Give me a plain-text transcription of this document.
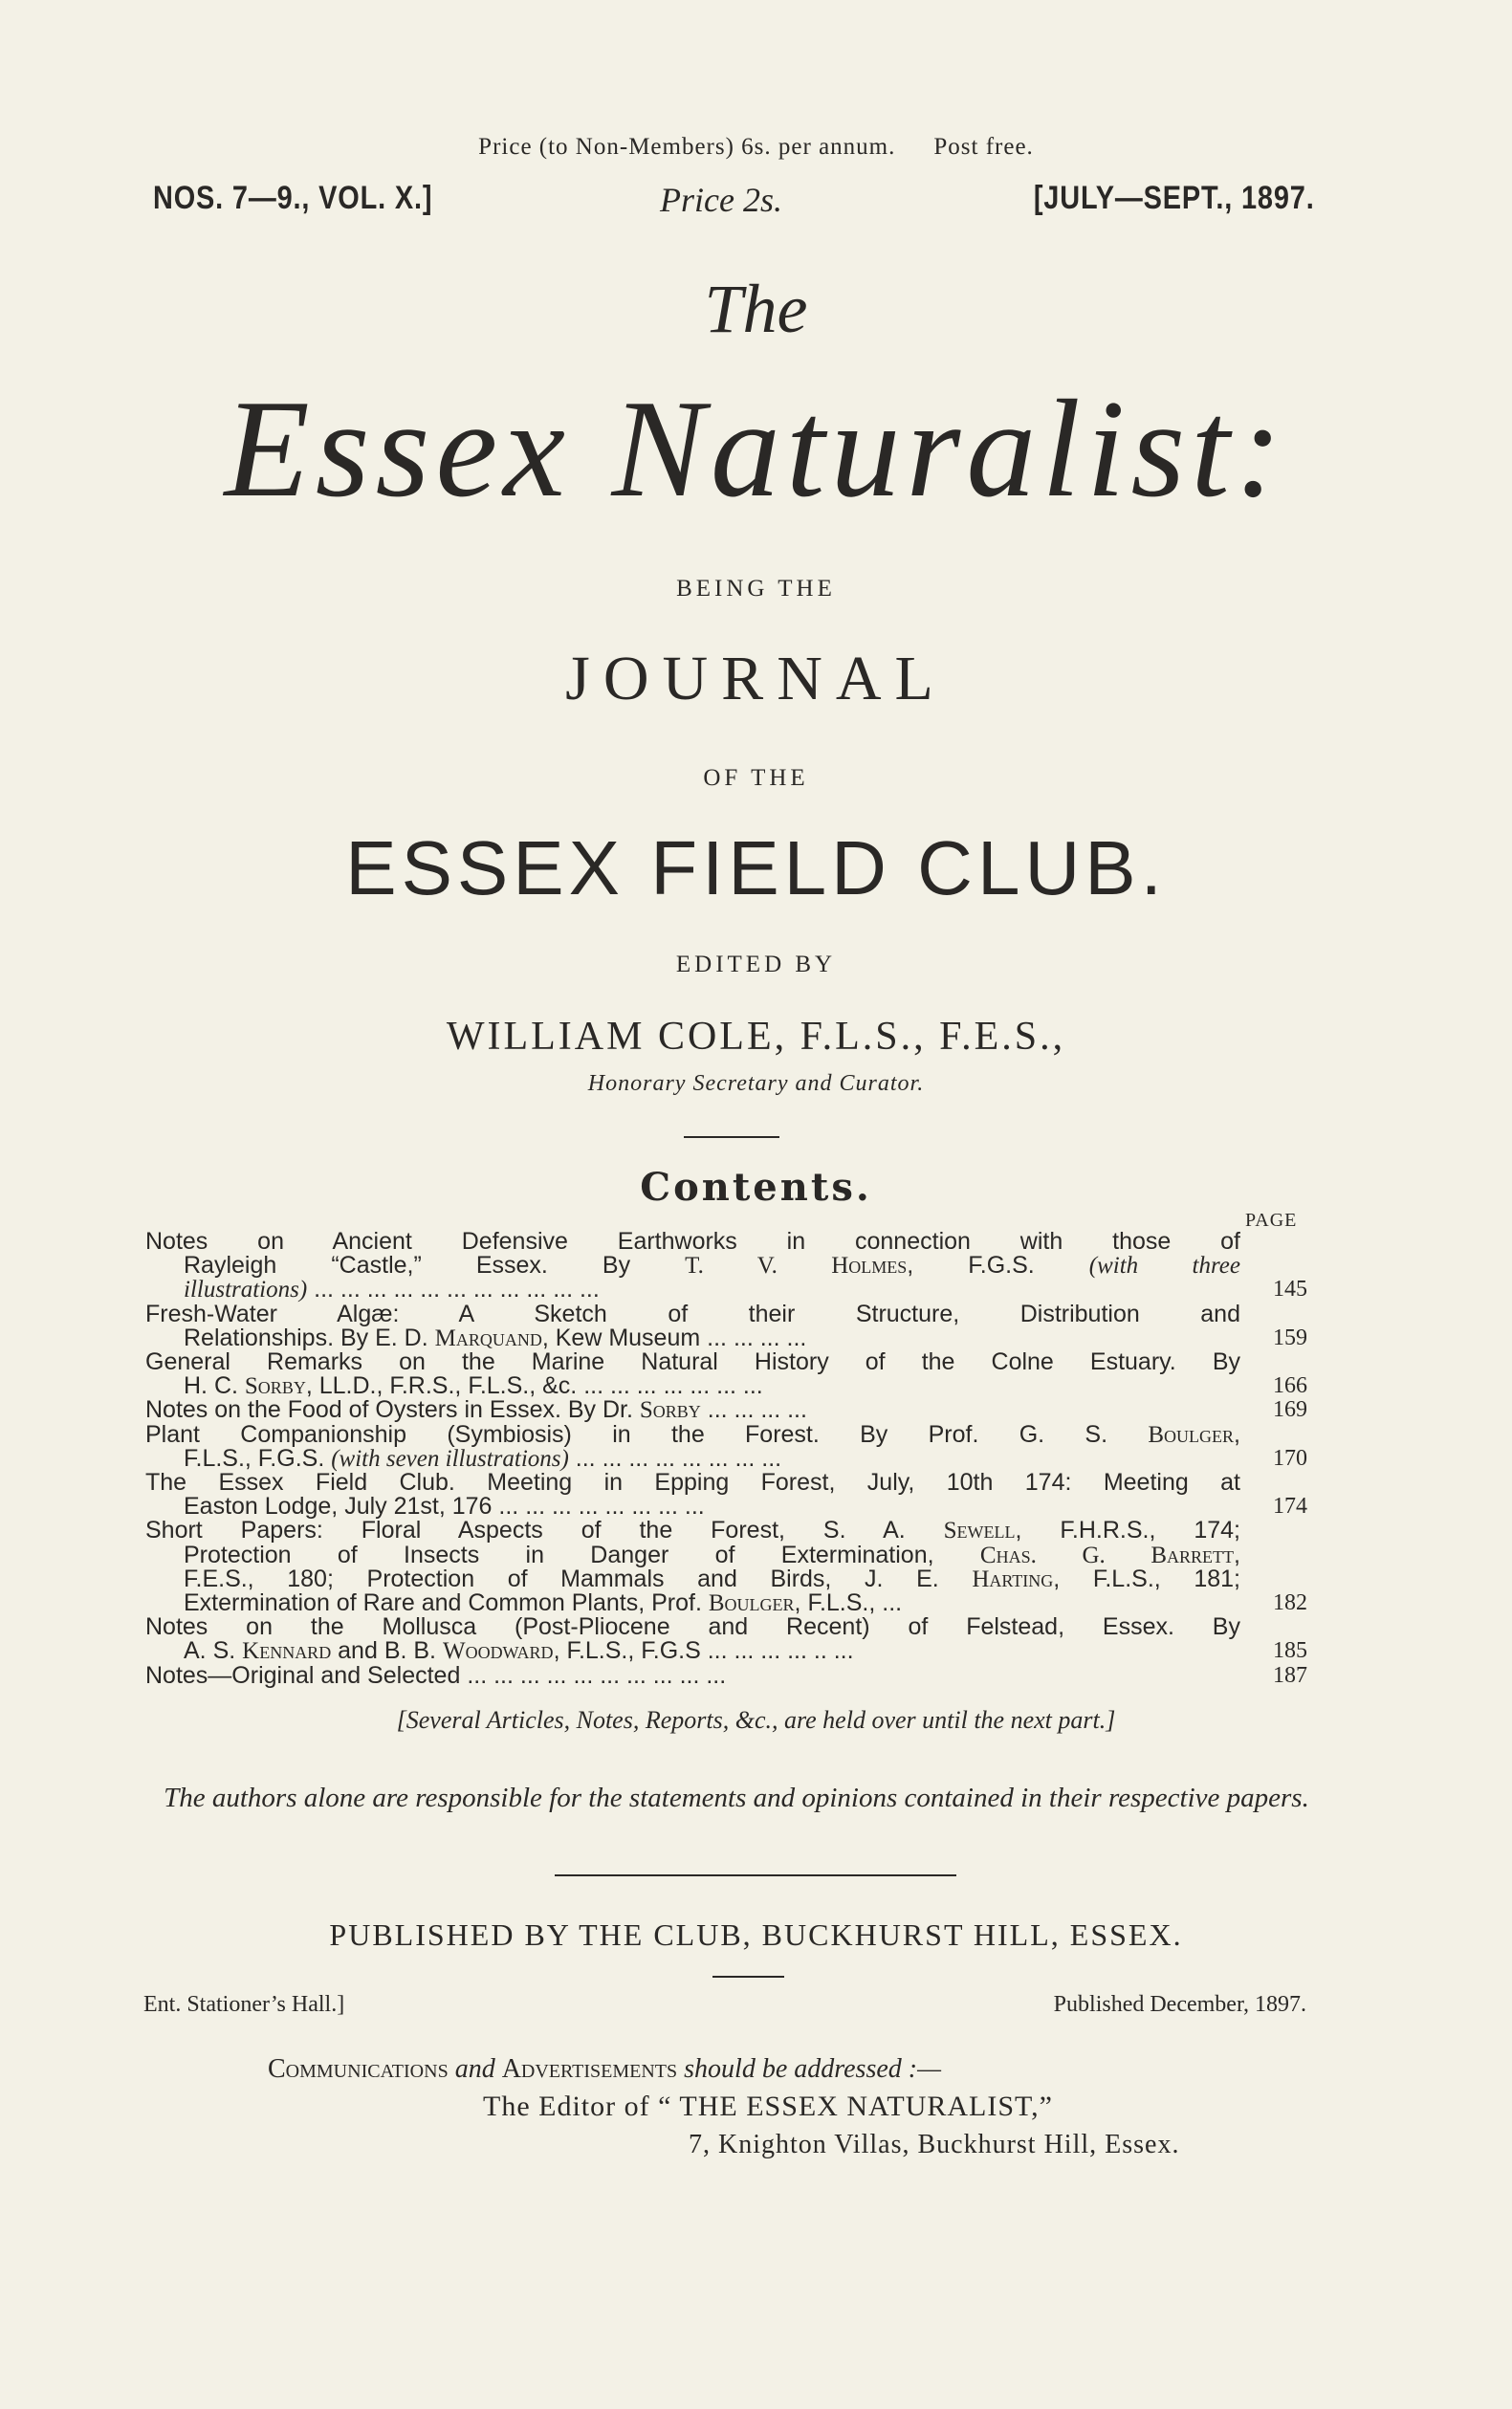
Price (to Non-Members) 6s. per annum. Post free.
NOS. 7—9., VOL. X.]	Price 2s.	[JULY—SEPT., 1897.
The
Essex Naturalist:
BEING THE
JOURNAL
OF THE
ESSEX FIELD CLUB.
EDITED BY
WILLIAM COLE, F.L.S., F.E.S.,
Honorary Secretary and Curator.
Contents.
PAGE
Notes on Ancient Defensive Earthworks in connection with those of
Rayleigh “Castle,” Essex. By T. V. Holmes, F.G.S. (with three
illustrations) ... ... ... ... ... ... ... ... ... ... ...	145
Fresh-Water Algæ: A Sketch of their Structure, Distribution and
Relationships. By E. D. Marquand, Kew Museum ... ... ... ...	159
General Remarks on the Marine Natural History of the Colne Estuary. By
H. C. Sorby, LL.D., F.R.S., F.L.S., &c. ... ... ... ... ... ... ...	166
Notes on the Food of Oysters in Essex. By Dr. Sorby ... ... ... ...	169
Plant Companionship (Symbiosis) in the Forest. By Prof. G. S. Boulger,
F.L.S., F.G.S. (with seven illustrations) ... ... ... ... ... ... ... ...	170
The Essex Field Club. Meeting in Epping Forest, July, 10th 174: Meeting at
Easton Lodge, July 21st, 176 ... ... ... ... ... ... ... ...	174
Short Papers: Floral Aspects of the Forest, S. A. Sewell, F.H.R.S., 174;
Protection of Insects in Danger of Extermination, Chas. G. Barrett,
F.E.S., 180; Protection of Mammals and Birds, J. E. Harting, F.L.S., 181;
Extermination of Rare and Common Plants, Prof. Boulger, F.L.S., ...	182
Notes on the Mollusca (Post-Pliocene and Recent) of Felstead, Essex. By
A. S. Kennard and B. B. Woodward, F.L.S., F.G.S ... ... ... ... .. ...	185
Notes—Original and Selected ... ... ... ... ... ... ... ... ... ...	187
[Several Articles, Notes, Reports, &c., are held over until the next part.]
The authors alone are responsible for the statements and opinions contained in their respective papers.
PUBLISHED BY THE CLUB, BUCKHURST HILL, ESSEX.
Ent. Stationer’s Hall.]	Published December, 1897.
Communications and Advertisements should be addressed :—
The Editor of “ THE ESSEX NATURALIST,”
7, Knighton Villas, Buckhurst Hill, Essex.
